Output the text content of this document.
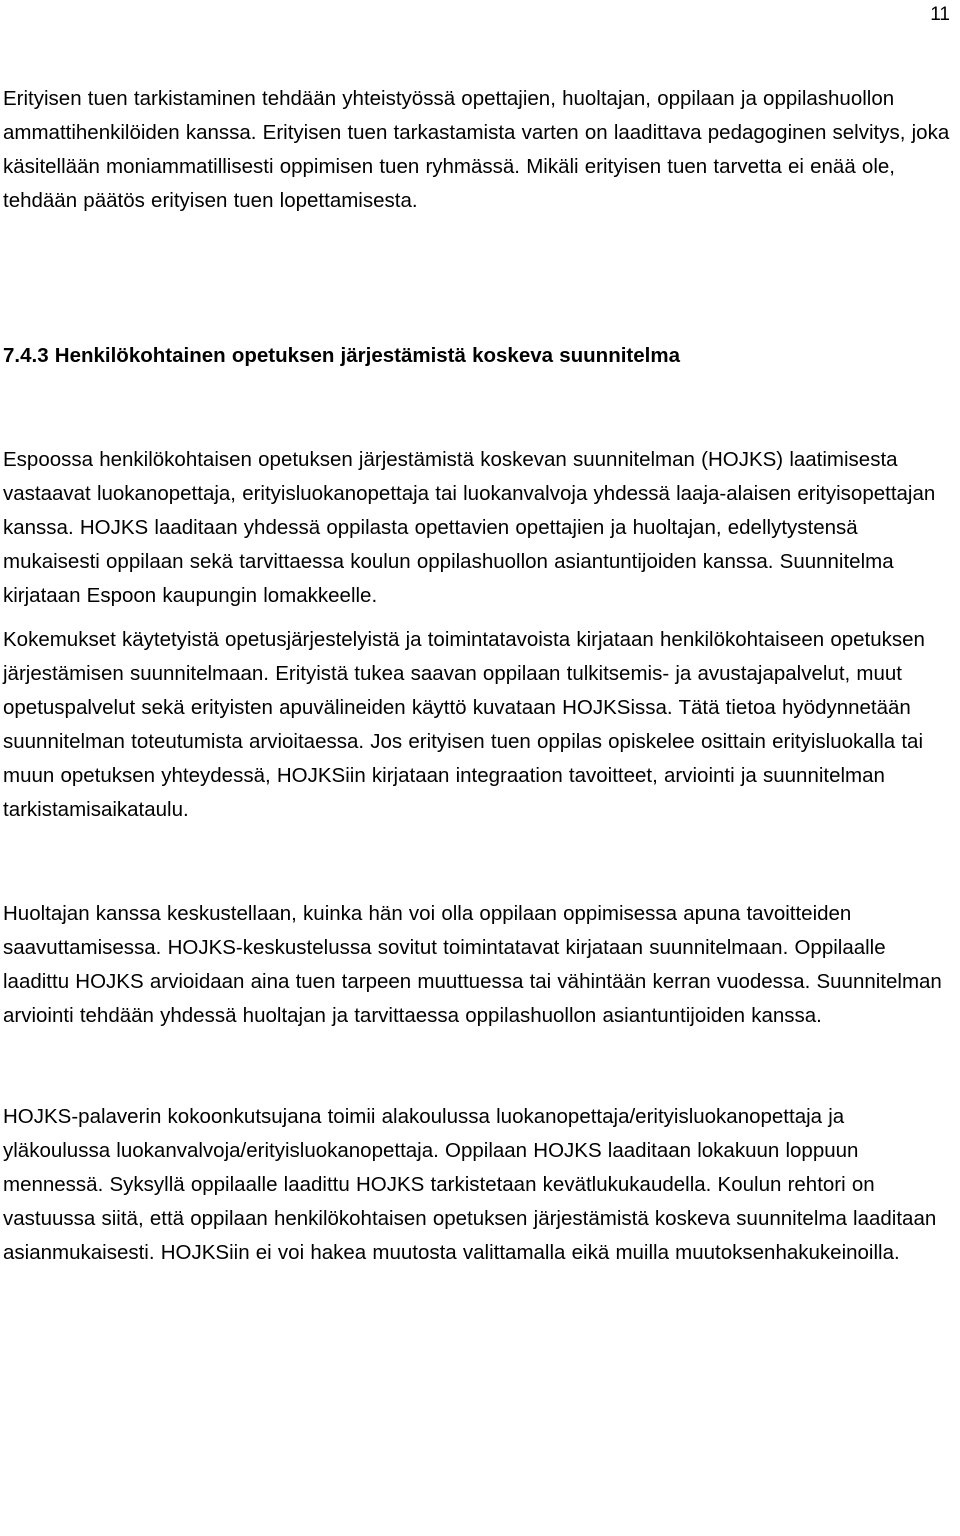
11

Erityisen tuen tarkistaminen tehdään yhteistyössä opettajien, huoltajan, oppilaan ja oppilashuollon ammattihenkilöiden kanssa. Erityisen tuen tarkastamista varten on laadittava pedagoginen selvitys, joka käsitellään moniammatillisesti oppimisen tuen ryhmässä. Mikäli erityisen tuen tarvetta ei enää ole, tehdään päätös erityisen tuen lopettamisesta.

7.4.3 Henkilökohtainen opetuksen järjestämistä koskeva suunnitelma

Espoossa henkilökohtaisen opetuksen järjestämistä koskevan suunnitelman (HOJKS) laatimisesta vastaavat luokanopettaja, erityisluokanopettaja tai luokanvalvoja yhdessä laaja-alaisen erityisopettajan kanssa. HOJKS laaditaan yhdessä oppilasta opettavien opettajien ja huoltajan, edellytystensä mukaisesti oppilaan sekä tarvittaessa koulun oppilashuollon asiantuntijoiden kanssa. Suunnitelma kirjataan Espoon kaupungin lomakkeelle.

Kokemukset käytetyistä opetusjärjestelyistä ja toimintatavoista kirjataan henkilökohtaiseen opetuksen järjestämisen suunnitelmaan. Erityistä tukea saavan oppilaan tulkitsemis- ja avustajapalvelut, muut opetuspalvelut sekä erityisten apuvälineiden käyttö kuvataan HOJKSissa. Tätä tietoa hyödynnetään suunnitelman toteutumista arvioitaessa. Jos erityisen tuen oppilas opiskelee osittain erityisluokalla tai muun opetuksen yhteydessä, HOJKSiin kirjataan integraation tavoitteet, arviointi ja suunnitelman tarkistamisaikataulu.

Huoltajan kanssa keskustellaan, kuinka hän voi olla oppilaan oppimisessa apuna tavoitteiden saavuttamisessa. HOJKS-keskustelussa sovitut toimintatavat kirjataan suunnitelmaan. Oppilaalle laadittu HOJKS arvioidaan aina tuen tarpeen muuttuessa tai vähintään kerran vuodessa. Suunnitelman arviointi tehdään yhdessä huoltajan ja tarvittaessa oppilashuollon asiantuntijoiden kanssa.

HOJKS-palaverin kokoonkutsujana toimii alakoulussa luokanopettaja/erityisluokanopettaja ja yläkoulussa luokanvalvoja/erityisluokanopettaja. Oppilaan HOJKS laaditaan lokakuun loppuun mennessä. Syksyllä oppilaalle laadittu HOJKS tarkistetaan kevätlukukaudella. Koulun rehtori on vastuussa siitä, että oppilaan henkilökohtaisen opetuksen järjestämistä koskeva suunnitelma laaditaan asianmukaisesti. HOJKSiin ei voi hakea muutosta valittamalla eikä muilla muutoksenhakukeinoilla.
